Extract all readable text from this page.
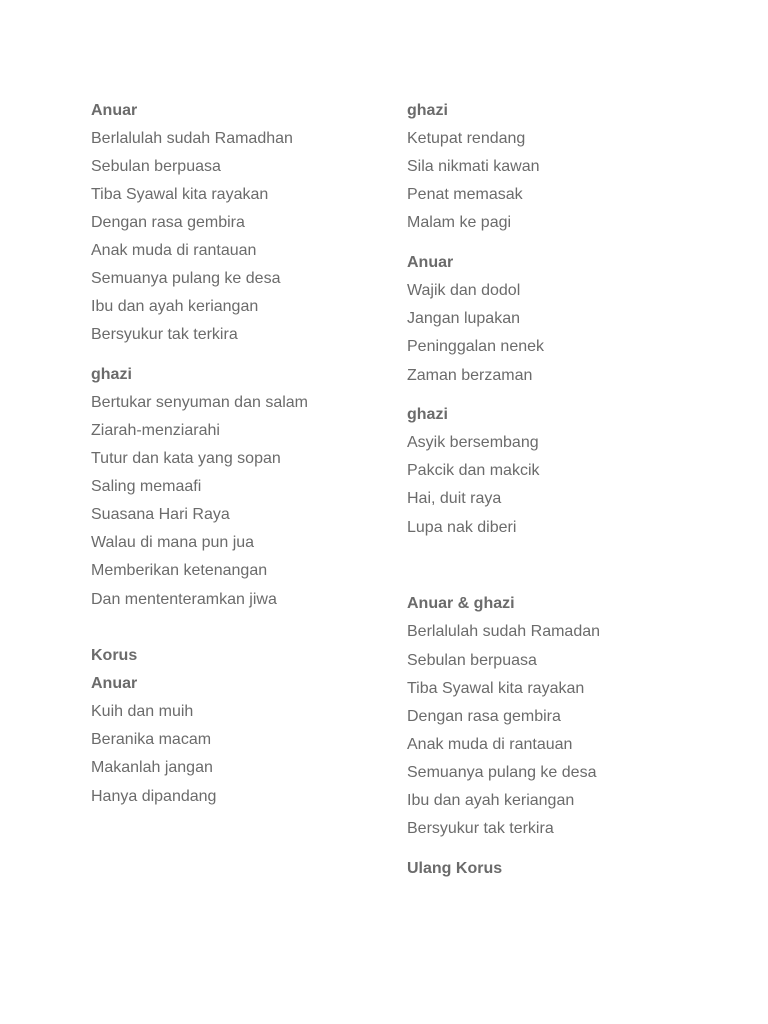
Anuar
Berlalulah sudah Ramadhan
Sebulan berpuasa
Tiba Syawal kita rayakan
Dengan rasa gembira
Anak muda di rantauan
Semuanya pulang ke desa
Ibu dan ayah keriangan
Bersyukur tak terkira
ghazi
Bertukar senyuman dan salam
Ziarah-menziarahi
Tutur dan kata yang sopan
Saling memaafi
Suasana Hari Raya
Walau di mana pun jua
Memberikan ketenangan
Dan mententeramkan jiwa
Korus
Anuar
Kuih dan muih
Beranika macam
Makanlah jangan
Hanya dipandang
ghazi
Ketupat rendang
Sila nikmati kawan
Penat memasak
Malam ke pagi
Anuar
Wajik dan dodol
Jangan lupakan
Peninggalan nenek
Zaman berzaman
ghazi
Asyik bersembang
Pakcik dan makcik
Hai, duit raya
Lupa nak diberi
Anuar & ghazi
Berlalulah sudah Ramadan
Sebulan berpuasa
Tiba Syawal kita rayakan
Dengan rasa gembira
Anak muda di rantauan
Semuanya pulang ke desa
Ibu dan ayah keriangan
Bersyukur tak terkira
Ulang Korus
